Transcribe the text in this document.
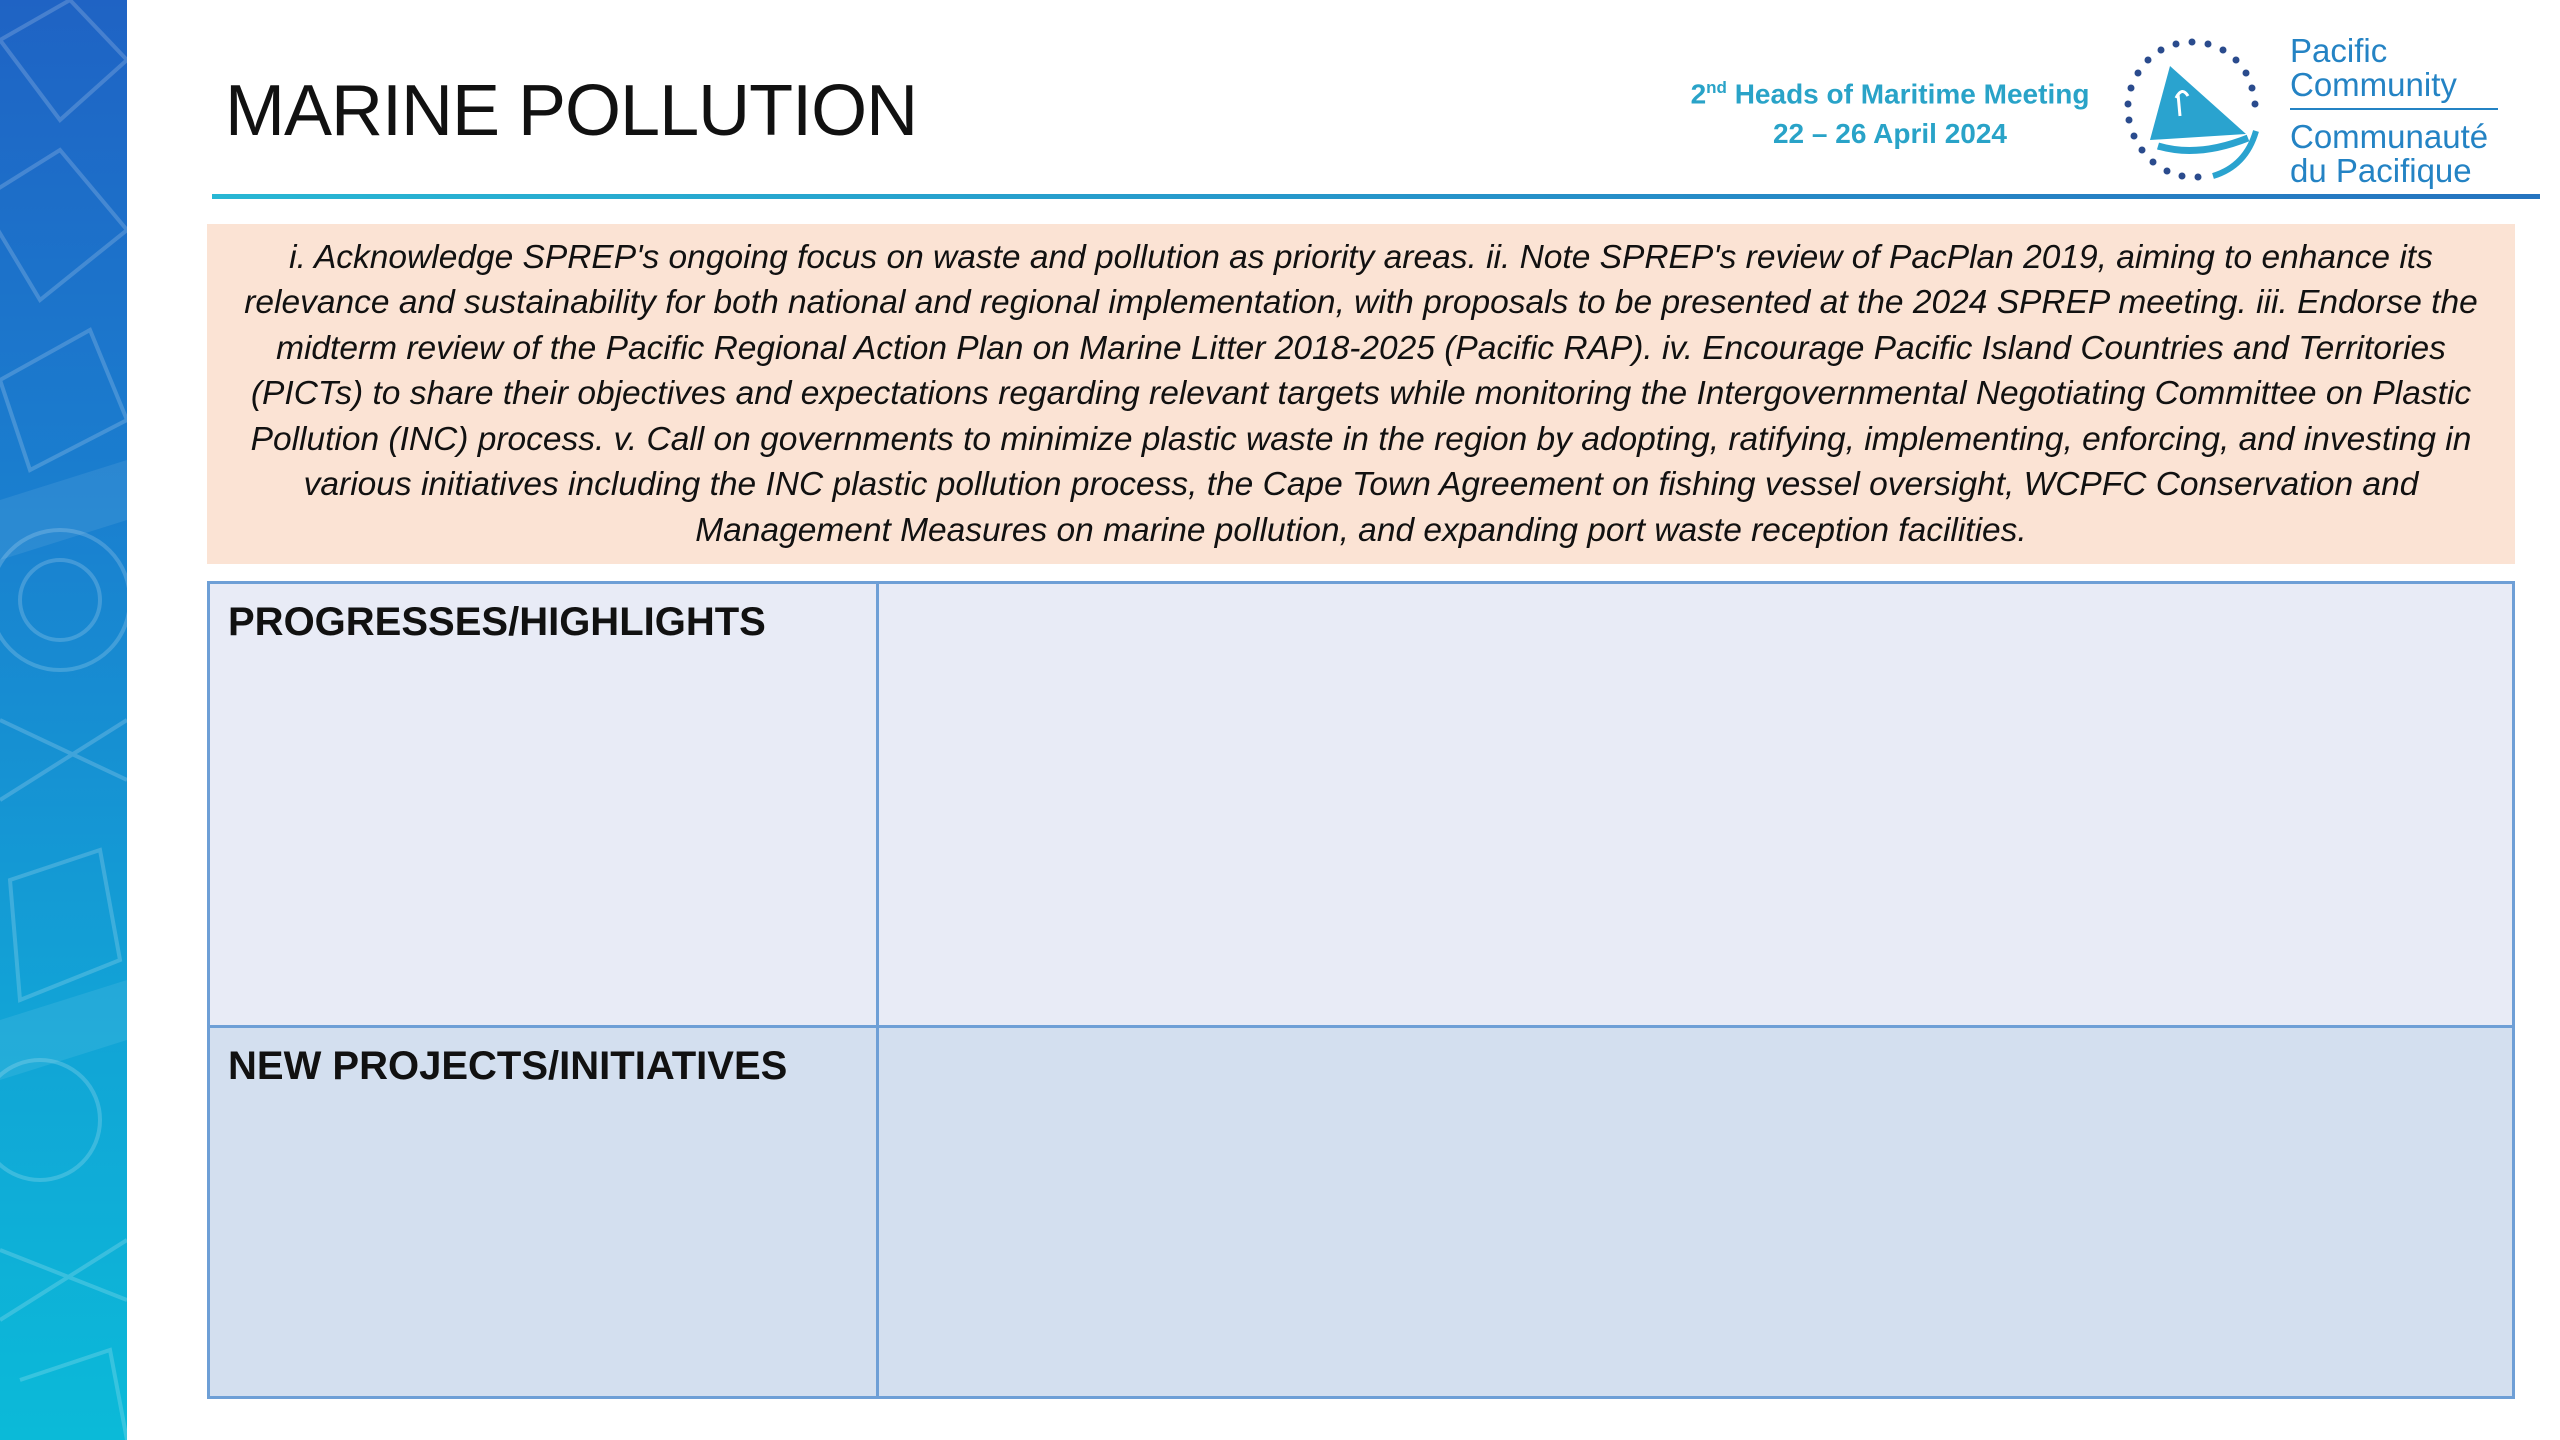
MARINE POLLUTION	2nd Heads of Maritime Meeting
22 – 26 April 2024
Pacific
Community
Communauté
du Pacifique
i. Acknowledge SPREP's ongoing focus on waste and pollution as priority areas. ii. Note SPREP's review of PacPlan 2019, aiming to enhance its relevance and sustainability for both national and regional implementation, with proposals to be presented at the 2024 SPREP meeting. iii. Endorse the midterm review of the Pacific Regional Action Plan on Marine Litter 2018-2025 (Pacific RAP). iv. Encourage Pacific Island Countries and Territories (PICTs) to share their objectives and expectations regarding relevant targets while monitoring the Intergovernmental Negotiating Committee on Plastic Pollution (INC) process. v. Call on governments to minimize plastic waste in the region by adopting, ratifying, implementing, enforcing, and investing in various initiatives including the INC plastic pollution process, the Cape Town Agreement on fishing vessel oversight, WCPFC Conservation and Management Measures on marine pollution, and expanding port waste reception facilities.
PROGRESSES/HIGHLIGHTS
NEW PROJECTS/INITIATIVES
